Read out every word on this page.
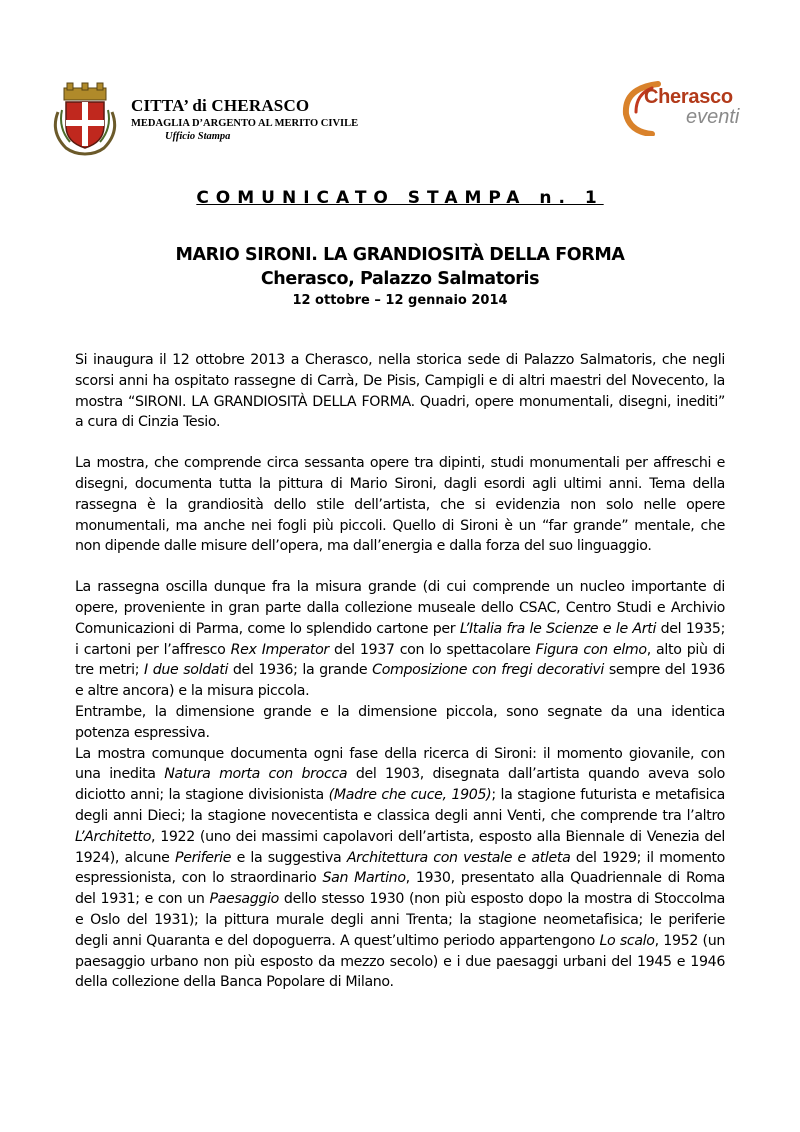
CITTA’ di CHERASCO
MEDAGLIA D’ARGENTO AL MERITO CIVILE
Ufficio Stampa
Cherasco
eventi
COMUNICATO STAMPA n. 1
MARIO SIRONI. LA GRANDIOSITÀ DELLA FORMA
Cherasco, Palazzo Salmatoris
12 ottobre – 12 gennaio 2014

Si inaugura il 12 ottobre 2013 a Cherasco, nella storica sede di Palazzo Salmatoris, che negli scorsi anni ha ospitato rassegne di Carrà, De Pisis, Campigli e di altri maestri del Novecento, la mostra “SIRONI. LA GRANDIOSITÀ DELLA FORMA. Quadri, opere monumentali, disegni, inediti” a cura di Cinzia Tesio.

La mostra, che comprende circa sessanta opere tra dipinti, studi monumentali per affreschi e disegni, documenta tutta la pittura di Mario Sironi, dagli esordi agli ultimi anni. Tema della rassegna è la grandiosità dello stile dell’artista, che si evidenzia non solo nelle opere monumentali, ma anche nei fogli più piccoli. Quello di Sironi è un “far grande” mentale, che non dipende dalle misure dell’opera, ma dall’energia e dalla forza del suo linguaggio.

La rassegna oscilla dunque fra la misura grande (di cui comprende un nucleo importante di opere, proveniente in gran parte dalla collezione museale dello CSAC, Centro Studi e Archivio Comunicazioni di Parma, come lo splendido cartone per L’Italia fra le Scienze e le Arti del 1935; i cartoni per l’affresco Rex Imperator del 1937 con lo spettacolare Figura con elmo, alto più di tre metri; I due soldati del 1936; la grande Composizione con fregi decorativi sempre del 1936 e altre ancora) e la misura piccola.

Entrambe, la dimensione grande e la dimensione piccola, sono segnate da una identica potenza espressiva.

La mostra comunque documenta ogni fase della ricerca di Sironi: il momento giovanile, con una inedita Natura morta con brocca del 1903, disegnata dall’artista quando aveva solo diciotto anni; la stagione divisionista (Madre che cuce, 1905); la stagione futurista e metafisica degli anni Dieci; la stagione novecentista e classica degli anni Venti, che comprende tra l’altro L’Architetto, 1922 (uno dei massimi capolavori dell’artista, esposto alla Biennale di Venezia del 1924), alcune Periferie e la suggestiva Architettura con vestale e atleta del 1929; il momento espressionista, con lo straordinario San Martino, 1930, presentato alla Quadriennale di Roma del 1931; e con un Paesaggio dello stesso 1930 (non più esposto dopo la mostra di Stoccolma e Oslo del 1931); la pittura murale degli anni Trenta; la stagione neometafisica; le periferie degli anni Quaranta e del dopoguerra. A quest’ultimo periodo appartengono Lo scalo, 1952 (un paesaggio urbano non più esposto da mezzo secolo) e i due paesaggi urbani del 1945 e 1946 della collezione della Banca Popolare di Milano.
